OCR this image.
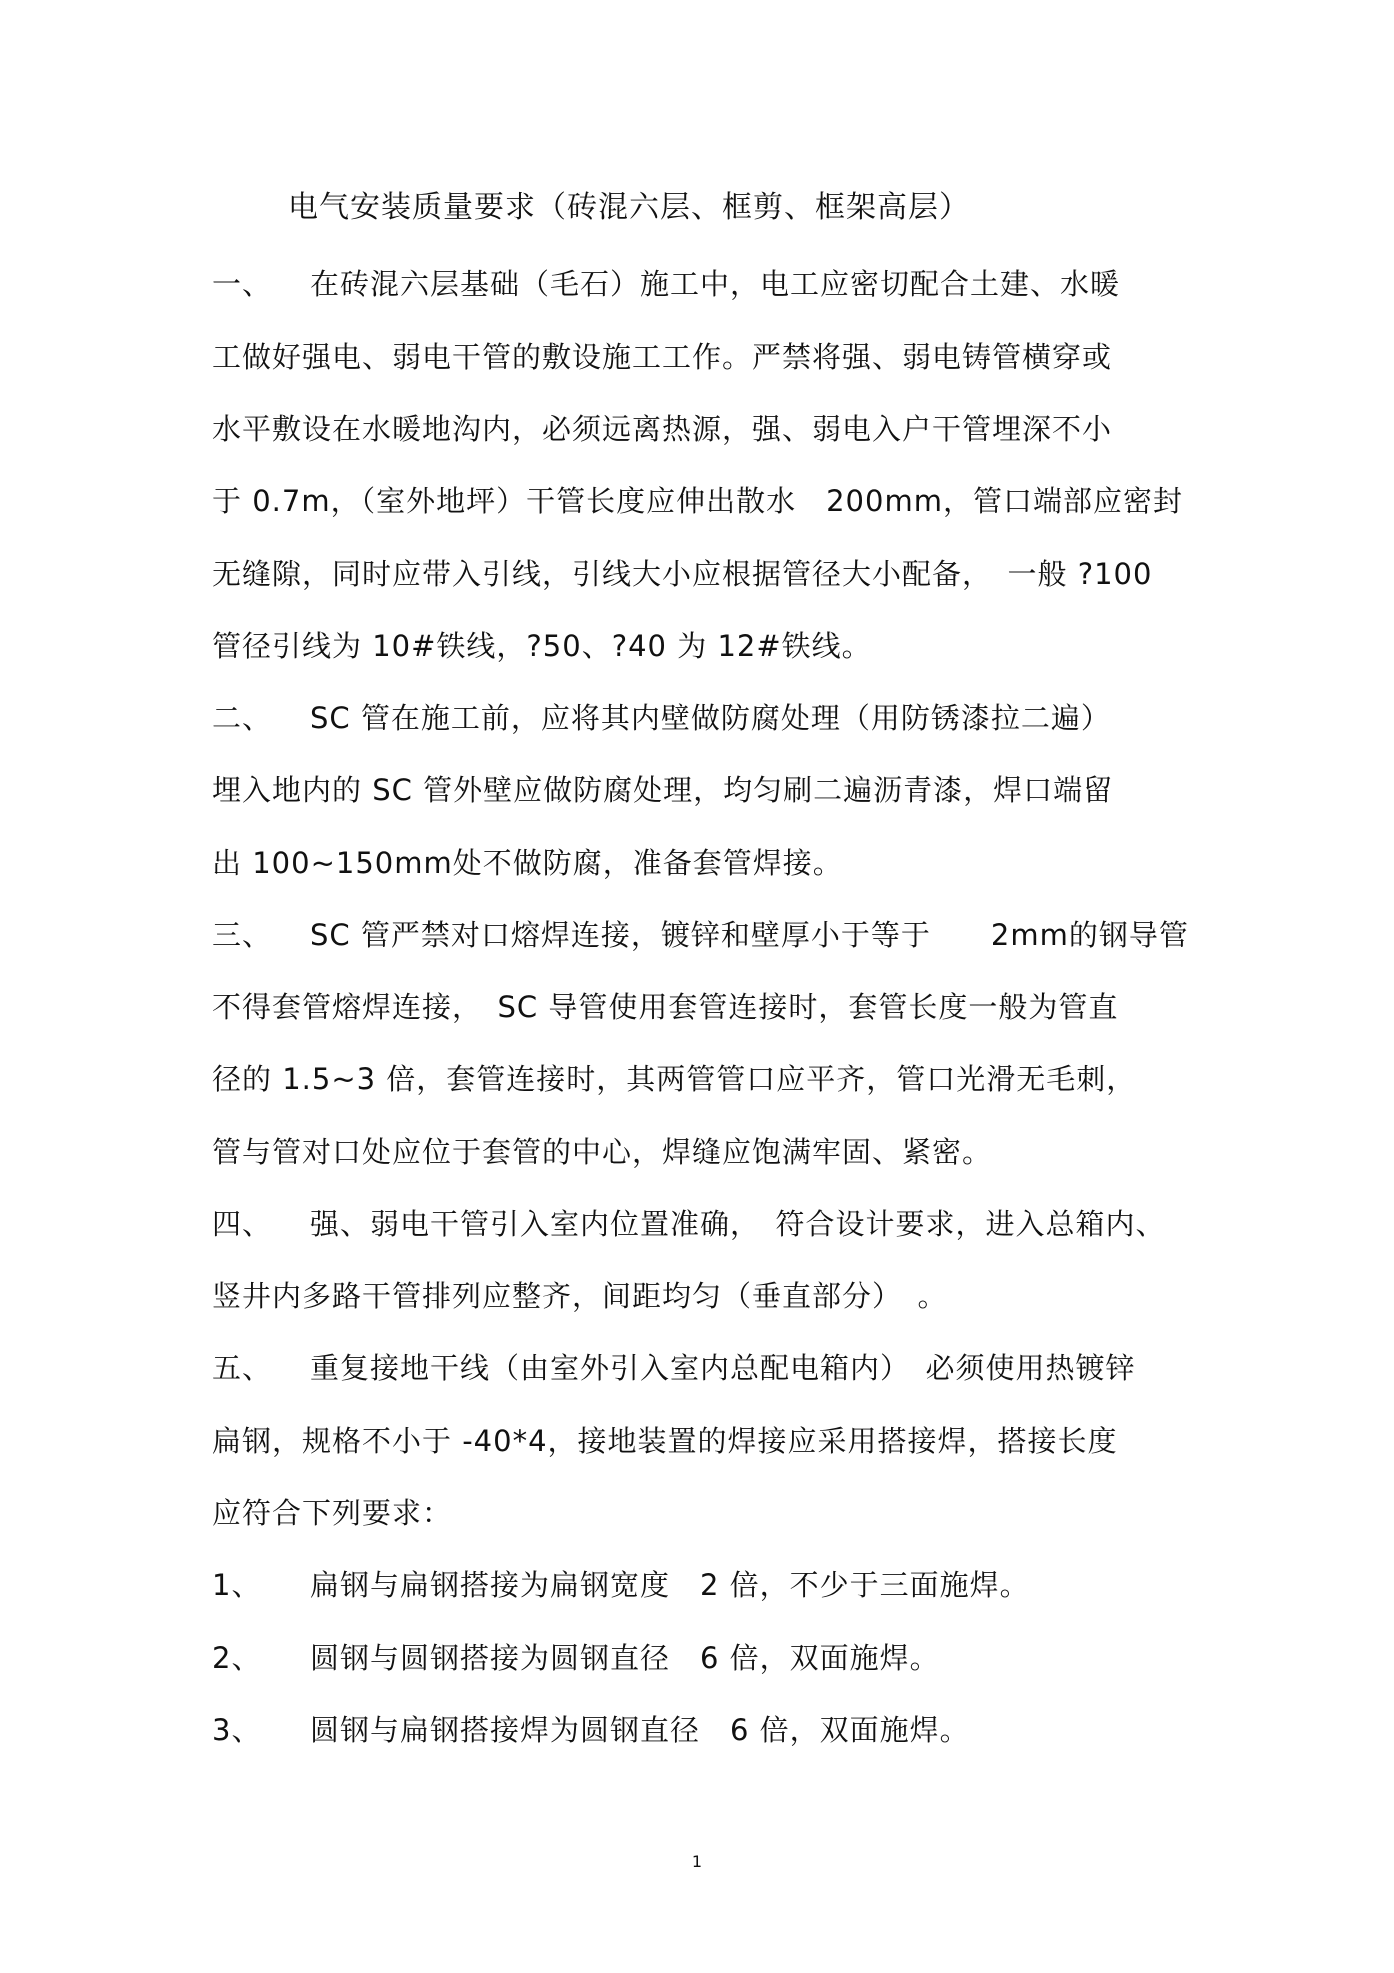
电气安装质量要求（砖混六层、框剪、框架高层）
一、 在砖混六层基础（毛石）施工中，电工应密切配合土建、水暖
工做好强电、弱电干管的敷设施工工作。严禁将强、弱电铸管横穿或
水平敷设在水暖地沟内，必须远离热源，强、弱电入户干管埋深不小
于 0.7m，（室外地坪）干管长度应伸出散水　200mm，管口端部应密封
无缝隙，同时应带入引线，引线大小应根据管径大小配备，　一般 ?100
管径引线为 10#铁线，?50、?40 为 12#铁线。
二、 SC 管在施工前，应将其内壁做防腐处理（用防锈漆拉二遍）
埋入地内的 SC 管外壁应做防腐处理，均匀刷二遍沥青漆，焊口端留
出 100~150mm处不做防腐，准备套管焊接。
三、 SC 管严禁对口熔焊连接，镀锌和壁厚小于等于　　2mm的钢导管
不得套管熔焊连接，　SC 导管使用套管连接时，套管长度一般为管直
径的 1.5~3 倍，套管连接时，其两管管口应平齐，管口光滑无毛刺，
管与管对口处应位于套管的中心，焊缝应饱满牢固、紧密。
四、 强、弱电干管引入室内位置准确，　符合设计要求，进入总箱内、
竖井内多路干管排列应整齐，间距均匀（垂直部分）　。
五、 重复接地干线（由室外引入室内总配电箱内）　必须使用热镀锌
扁钢，规格不小于 -40*4，接地装置的焊接应采用搭接焊，搭接长度
应符合下列要求：
1、 扁钢与扁钢搭接为扁钢宽度　2 倍，不少于三面施焊。
2、 圆钢与圆钢搭接为圆钢直径　6 倍，双面施焊。
3、 圆钢与扁钢搭接焊为圆钢直径　6 倍，双面施焊。
1
